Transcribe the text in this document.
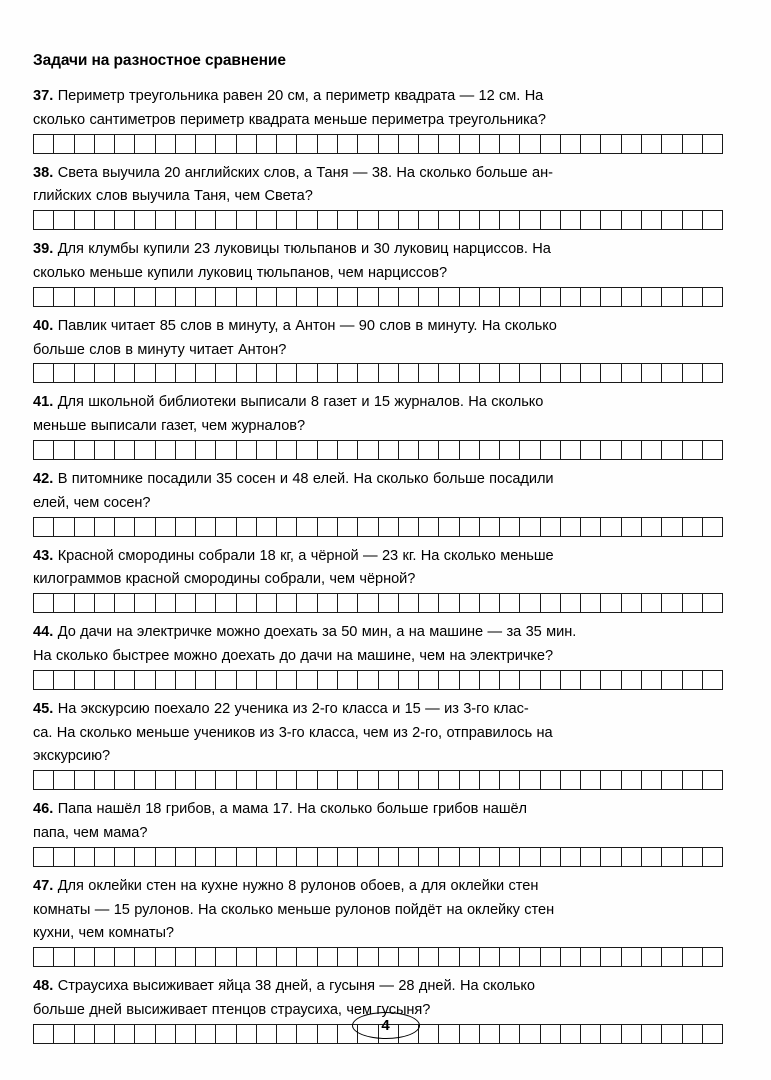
Задачи на разностное сравнение

37. Периметр треугольника равен 20 см, а периметр квадрата — 12 см. На

сколько сантиметров периметр квадрата меньше периметра треугольника?

38. Света выучила 20 английских слов, а Таня — 38. На сколько больше ан-

глийских слов выучила Таня, чем Света?

39. Для клумбы купили 23 луковицы тюльпанов и 30 луковиц нарциссов. На

сколько меньше купили луковиц тюльпанов, чем нарциссов?

40. Павлик читает 85 слов в минуту, а Антон — 90 слов в минуту. На сколько

больше слов в минуту читает Антон?

41. Для школьной библиотеки выписали 8 газет и 15 журналов. На сколько

меньше выписали газет, чем журналов?

42. В питомнике посадили 35 сосен и 48 елей. На сколько больше посадили

елей, чем сосен?

43. Красной смородины собрали 18 кг, а чёрной — 23 кг. На сколько меньше

килограммов красной смородины собрали, чем чёрной?

44. До дачи на электричке можно доехать за 50 мин, а на машине — за 35 мин.

На сколько быстрее можно доехать до дачи на машине, чем на электричке?

45. На экскурсию поехало 22 ученика из 2-го класса и 15 — из 3-го клас-

са. На сколько меньше учеников из 3-го класса, чем из 2-го, отправилось на

экскурсию?

46. Папа нашёл 18 грибов, а мама 17. На сколько больше грибов нашёл

папа, чем мама?

47. Для оклейки стен на кухне нужно 8 рулонов обоев, а для оклейки стен

комнаты — 15 рулонов. На сколько меньше рулонов пойдёт на оклейку стен

кухни, чем комнаты?

48. Страусиха высиживает яйца 38 дней, а гусыня — 28 дней. На сколько

больше дней высиживает птенцов страусиха, чем гусыня?

4
